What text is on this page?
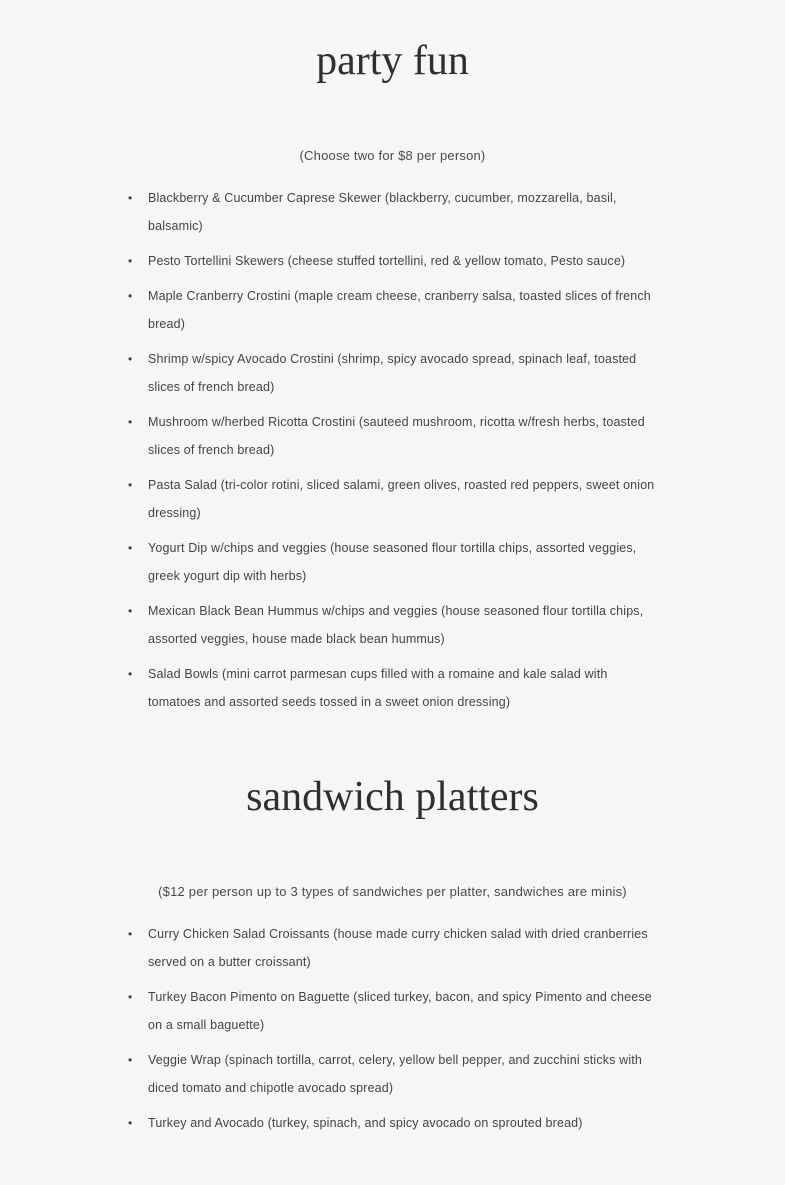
party fun
(Choose two for $8 per person)
• Blackberry & Cucumber Caprese Skewer (blackberry, cucumber, mozzarella, basil, balsamic)
• Pesto Tortellini Skewers (cheese stuffed tortellini, red & yellow tomato, Pesto sauce)
• Maple Cranberry Crostini (maple cream cheese, cranberry salsa, toasted slices of french bread)
• Shrimp w/spicy Avocado Crostini (shrimp, spicy avocado spread, spinach leaf, toasted slices of french bread)
• Mushroom w/herbed Ricotta Crostini (sauteed mushroom, ricotta w/fresh herbs, toasted slices of french bread)
• Pasta Salad (tri-color rotini, sliced salami, green olives, roasted red peppers, sweet onion dressing)
• Yogurt Dip w/chips and veggies (house seasoned flour tortilla chips, assorted veggies, greek yogurt dip with herbs)
• Mexican Black Bean Hummus w/chips and veggies (house seasoned flour tortilla chips, assorted veggies, house made black bean hummus)
• Salad Bowls (mini carrot parmesan cups filled with a romaine and kale salad with tomatoes and assorted seeds tossed in a sweet onion dressing)
sandwich platters
($12 per person up to 3 types of sandwiches per platter, sandwiches are minis)
• Curry Chicken Salad Croissants (house made curry chicken salad with dried cranberries served on a butter croissant)
• Turkey Bacon Pimento on Baguette (sliced turkey, bacon, and spicy Pimento and cheese on a small baguette)
• Veggie Wrap (spinach tortilla, carrot, celery, yellow bell pepper, and zucchini sticks with diced tomato and chipotle avocado spread)
• Turkey and Avocado (turkey, spinach, and spicy avocado on sprouted bread)
